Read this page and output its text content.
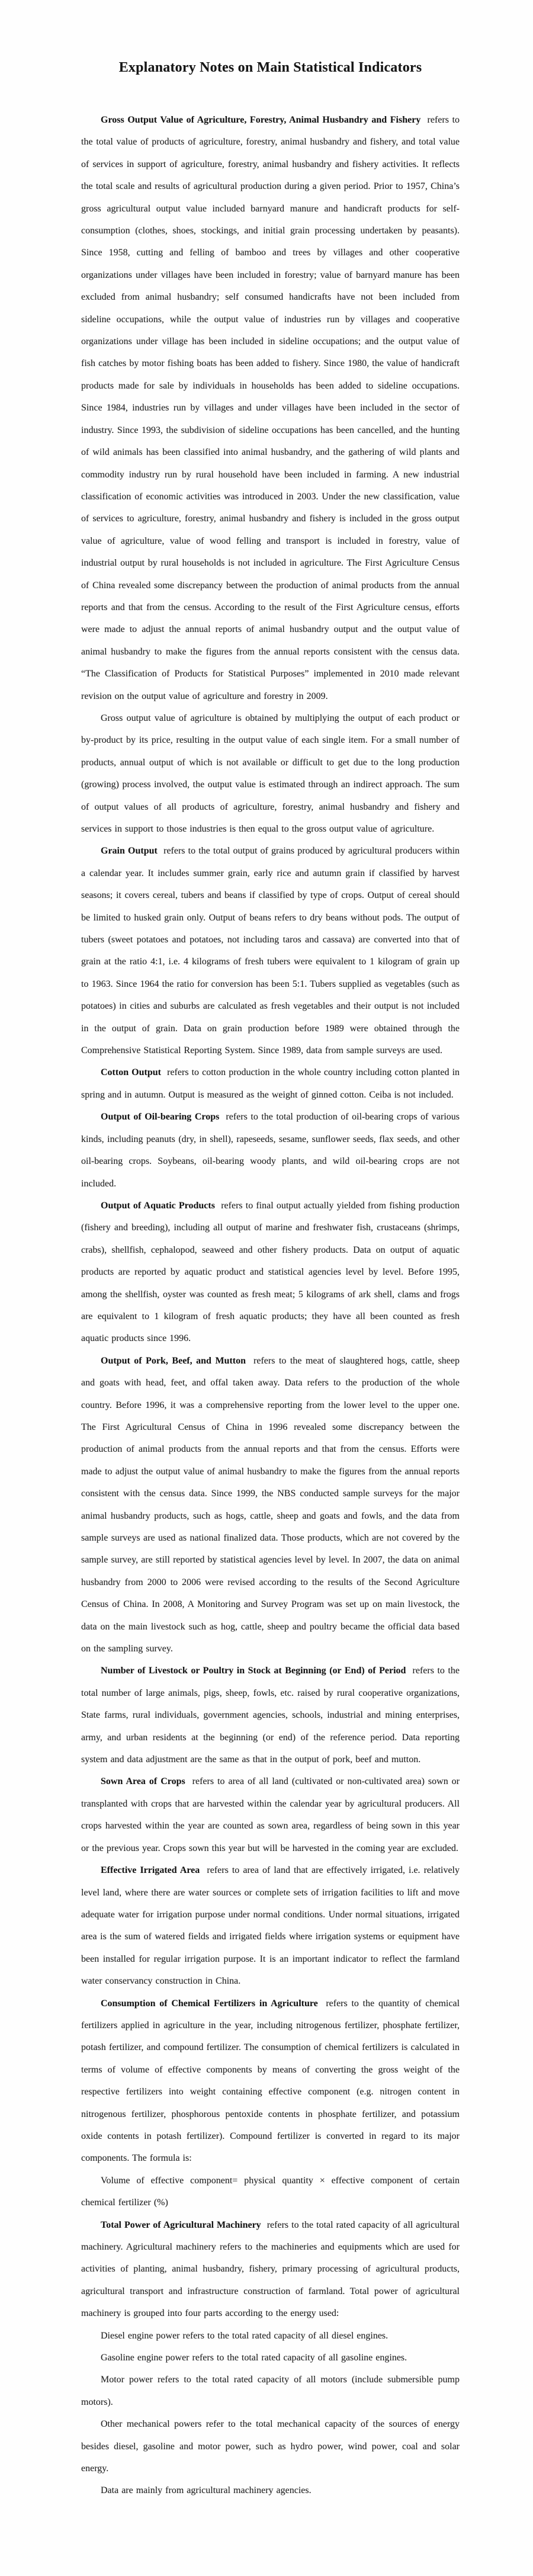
Explanatory Notes on Main Statistical Indicators

Gross Output Value of Agriculture, Forestry, Animal Husbandry and Fishery refers to the total value of products of agriculture, forestry, animal husbandry and fishery, and total value of services in support of agriculture, forestry, animal husbandry and fishery activities. It reflects the total scale and results of agricultural production during a given period. Prior to 1957, China’s gross agricultural output value included barnyard manure and handicraft products for self-consumption (clothes, shoes, stockings, and initial grain processing undertaken by peasants). Since 1958, cutting and felling of bamboo and trees by villages and other cooperative organizations under villages have been included in forestry; value of barnyard manure has been excluded from animal husbandry; self consumed handicrafts have not been included from sideline occupations, while the output value of industries run by villages and cooperative organizations under village has been included in sideline occupations; and the output value of fish catches by motor fishing boats has been added to fishery. Since 1980, the value of handicraft products made for sale by individuals in households has been added to sideline occupations. Since 1984, industries run by villages and under villages have been included in the sector of industry. Since 1993, the subdivision of sideline occupations has been cancelled, and the hunting of wild animals has been classified into animal husbandry, and the gathering of wild plants and commodity industry run by rural household have been included in farming. A new industrial classification of economic activities was introduced in 2003. Under the new classification, value of services to agriculture, forestry, animal husbandry and fishery is included in the gross output value of agriculture, value of wood felling and transport is included in forestry, value of industrial output by rural households is not included in agriculture. The First Agriculture Census of China revealed some discrepancy between the production of animal products from the annual reports and that from the census. According to the result of the First Agriculture census, efforts were made to adjust the annual reports of animal husbandry output and the output value of animal husbandry to make the figures from the annual reports consistent with the census data. “The Classification of Products for Statistical Purposes” implemented in 2010 made relevant revision on the output value of agriculture and forestry in 2009.

Gross output value of agriculture is obtained by multiplying the output of each product or by-product by its price, resulting in the output value of each single item. For a small number of products, annual output of which is not available or difficult to get due to the long production (growing) process involved, the output value is estimated through an indirect approach. The sum of output values of all products of agriculture, forestry, animal husbandry and fishery and services in support to those industries is then equal to the gross output value of agriculture.

Grain Output refers to the total output of grains produced by agricultural producers within a calendar year. It includes summer grain, early rice and autumn grain if classified by harvest seasons; it covers cereal, tubers and beans if classified by type of crops. Output of cereal should be limited to husked grain only. Output of beans refers to dry beans without pods. The output of tubers (sweet potatoes and potatoes, not including taros and cassava) are converted into that of grain at the ratio 4:1, i.e. 4 kilograms of fresh tubers were equivalent to 1 kilogram of grain up to 1963. Since 1964 the ratio for conversion has been 5:1. Tubers supplied as vegetables (such as potatoes) in cities and suburbs are calculated as fresh vegetables and their output is not included in the output of grain. Data on grain production before 1989 were obtained through the Comprehensive Statistical Reporting System. Since 1989, data from sample surveys are used.

Cotton Output refers to cotton production in the whole country including cotton planted in spring and in autumn. Output is measured as the weight of ginned cotton. Ceiba is not included.

Output of Oil-bearing Crops refers to the total production of oil-bearing crops of various kinds, including peanuts (dry, in shell), rapeseeds, sesame, sunflower seeds, flax seeds, and other oil-bearing crops. Soybeans, oil-bearing woody plants, and wild oil-bearing crops are not included.

Output of Aquatic Products refers to final output actually yielded from fishing production (fishery and breeding), including all output of marine and freshwater fish, crustaceans (shrimps, crabs), shellfish, cephalopod, seaweed and other fishery products. Data on output of aquatic products are reported by aquatic product and statistical agencies level by level. Before 1995, among the shellfish, oyster was counted as fresh meat; 5 kilograms of ark shell, clams and frogs are equivalent to 1 kilogram of fresh aquatic products; they have all been counted as fresh aquatic products since 1996.

Output of Pork, Beef, and Mutton refers to the meat of slaughtered hogs, cattle, sheep and goats with head, feet, and offal taken away. Data refers to the production of the whole country. Before 1996, it was a comprehensive reporting from the lower level to the upper one. The First Agricultural Census of China in 1996 revealed some discrepancy between the production of animal products from the annual reports and that from the census. Efforts were made to adjust the output value of animal husbandry to make the figures from the annual reports consistent with the census data. Since 1999, the NBS conducted sample surveys for the major animal husbandry products, such as hogs, cattle, sheep and goats and fowls, and the data from sample surveys are used as national finalized data. Those products, which are not covered by the sample survey, are still reported by statistical agencies level by level. In 2007, the data on animal husbandry from 2000 to 2006 were revised according to the results of the Second Agriculture Census of China. In 2008, A Monitoring and Survey Program was set up on main livestock, the data on the main livestock such as hog, cattle, sheep and poultry became the official data based on the sampling survey.

Number of Livestock or Poultry in Stock at Beginning (or End) of Period refers to the total number of large animals, pigs, sheep, fowls, etc. raised by rural cooperative organizations, State farms, rural individuals, government agencies, schools, industrial and mining enterprises, army, and urban residents at the beginning (or end) of the reference period. Data reporting system and data adjustment are the same as that in the output of pork, beef and mutton.

Sown Area of Crops refers to area of all land (cultivated or non-cultivated area) sown or transplanted with crops that are harvested within the calendar year by agricultural producers. All crops harvested within the year are counted as sown area, regardless of being sown in this year or the previous year. Crops sown this year but will be harvested in the coming year are excluded.

Effective Irrigated Area refers to area of land that are effectively irrigated, i.e. relatively level land, where there are water sources or complete sets of irrigation facilities to lift and move adequate water for irrigation purpose under normal conditions. Under normal situations, irrigated area is the sum of watered fields and irrigated fields where irrigation systems or equipment have been installed for regular irrigation purpose. It is an important indicator to reflect the farmland water conservancy construction in China.

Consumption of Chemical Fertilizers in Agriculture refers to the quantity of chemical fertilizers applied in agriculture in the year, including nitrogenous fertilizer, phosphate fertilizer, potash fertilizer, and compound fertilizer. The consumption of chemical fertilizers is calculated in terms of volume of effective components by means of converting the gross weight of the respective fertilizers into weight containing effective component (e.g. nitrogen content in nitrogenous fertilizer, phosphorous pentoxide contents in phosphate fertilizer, and potassium oxide contents in potash fertilizer). Compound fertilizer is converted in regard to its major components. The formula is:

Volume of effective component= physical quantity × effective component of certain chemical fertilizer (%)

Total Power of Agricultural Machinery refers to the total rated capacity of all agricultural machinery. Agricultural machinery refers to the machineries and equipments which are used for activities of planting, animal husbandry, fishery, primary processing of agricultural products, agricultural transport and infrastructure construction of farmland. Total power of agricultural machinery is grouped into four parts according to the energy used:

Diesel engine power refers to the total rated capacity of all diesel engines.

Gasoline engine power refers to the total rated capacity of all gasoline engines.

Motor power refers to the total rated capacity of all motors (include submersible pump motors).

Other mechanical powers refer to the total mechanical capacity of the sources of energy besides diesel, gasoline and motor power, such as hydro power, wind power, coal and solar energy.

Data are mainly from agricultural machinery agencies.
